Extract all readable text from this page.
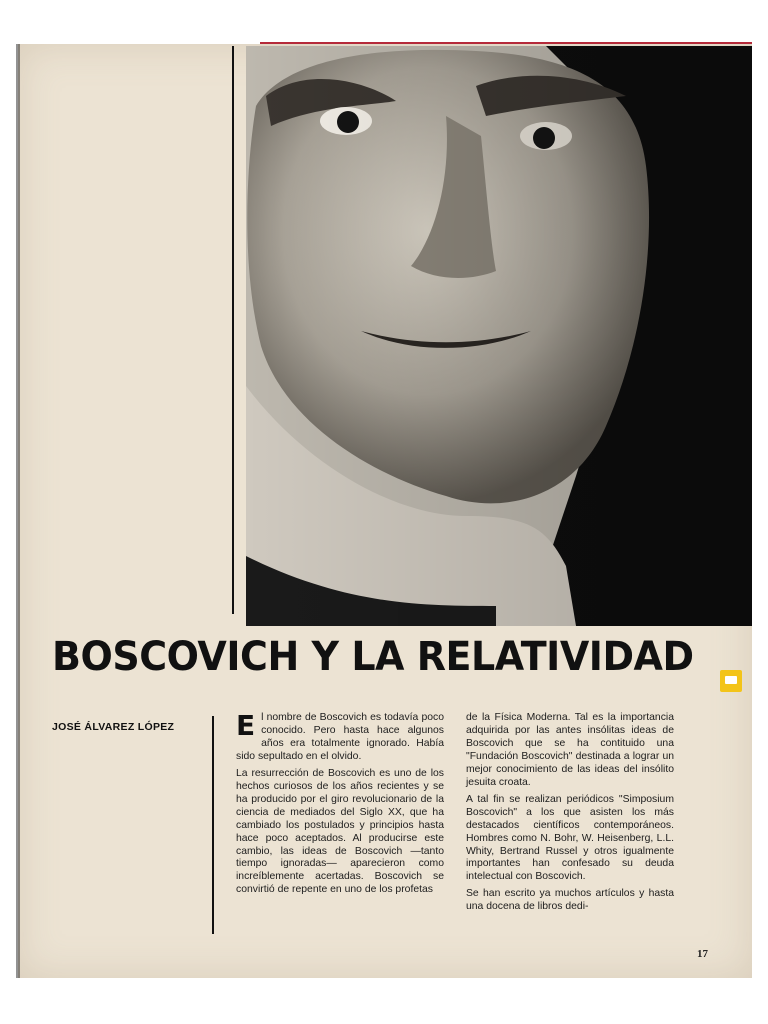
BOSCOVICH Y LA RELATIVIDAD
JOSÉ ÁLVAREZ LÓPEZ El nombre de Boscovich es todavía poco conocido. Pero hasta hace algunos años era totalmente ignorado. Había sido sepultado en el olvido.

La resurrección de Boscovich es uno de los hechos curiosos de los años recientes y se ha producido por el giro revolucionario de la ciencia de mediados del Siglo XX, que ha cambiado los postulados y principios hasta hace poco aceptados. Al producirse este cambio, las ideas de Boscovich —tanto tiempo ignoradas— aparecieron como increíblemente acertadas. Boscovich se convirtió de repente en uno de los profetas

de la Física Moderna. Tal es la importancia adquirida por las antes insólitas ideas de Boscovich que se ha contituido una "Fundación Boscovich" destinada a lograr un mejor conocimiento de las ideas del insólito jesuita croata.

A tal fin se realizan periódicos "Simposium Boscovich" a los que asisten los más destacados científicos contemporáneos. Hombres como N. Bohr, W. Heisenberg, L.L. Whity, Bertrand Russel y otros igualmente importantes han confesado su deuda intelectual con Boscovich.

Se han escrito ya muchos artículos y hasta una docena de libros dedi-

17
